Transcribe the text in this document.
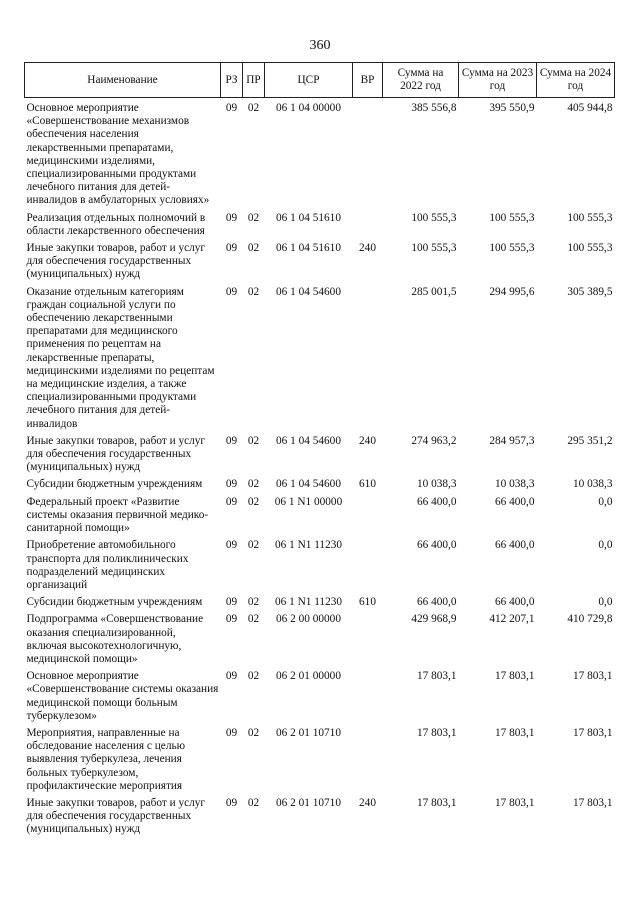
360
Наименование	РЗ	ПР	ЦСР	ВР	Сумма на 2022 год	Сумма на 2023 год	Сумма на 2024 год
Основное мероприятие «Совершенствование механизмов обеспечения населения лекарственными препаратами, медицинскими изделиями, специализированными продуктами лечебного питания для детей-инвалидов в амбулаторных условиях»	09	02	06 1 04 00000		385 556,8	395 550,9	405 944,8
Реализация отдельных полномочий в области лекарственного обеспечения	09	02	06 1 04 51610		100 555,3	100 555,3	100 555,3
Иные закупки товаров, работ и услуг для обеспечения государственных (муниципальных) нужд	09	02	06 1 04 51610	240	100 555,3	100 555,3	100 555,3
Оказание отдельным категориям граждан социальной услуги по обеспечению лекарственными препаратами для медицинского применения по рецептам на лекарственные препараты, медицинскими изделиями по рецептам на медицинские изделия, а также специализированными продуктами лечебного питания для детей-инвалидов	09	02	06 1 04 54600		285 001,5	294 995,6	305 389,5
Иные закупки товаров, работ и услуг для обеспечения государственных (муниципальных) нужд	09	02	06 1 04 54600	240	274 963,2	284 957,3	295 351,2
Субсидии бюджетным учреждениям	09	02	06 1 04 54600	610	10 038,3	10 038,3	10 038,3
Федеральный проект «Развитие системы оказания первичной медико-санитарной помощи»	09	02	06 1 N1 00000		66 400,0	66 400,0	0,0
Приобретение автомобильного транспорта для поликлинических подразделений медицинских организаций	09	02	06 1 N1 11230		66 400,0	66 400,0	0,0
Субсидии бюджетным учреждениям	09	02	06 1 N1 11230	610	66 400,0	66 400,0	0,0
Подпрограмма «Совершенствование оказания специализированной, включая высокотехнологичную, медицинской помощи»	09	02	06 2 00 00000		429 968,9	412 207,1	410 729,8
Основное мероприятие «Совершенствование системы оказания медицинской помощи больным туберкулезом»	09	02	06 2 01 00000		17 803,1	17 803,1	17 803,1
Мероприятия, направленные на обследование населения с целью выявления туберкулеза, лечения больных туберкулезом, профилактические мероприятия	09	02	06 2 01 10710		17 803,1	17 803,1	17 803,1
Иные закупки товаров, работ и услуг для обеспечения государственных (муниципальных) нужд	09	02	06 2 01 10710	240	17 803,1	17 803,1	17 803,1
